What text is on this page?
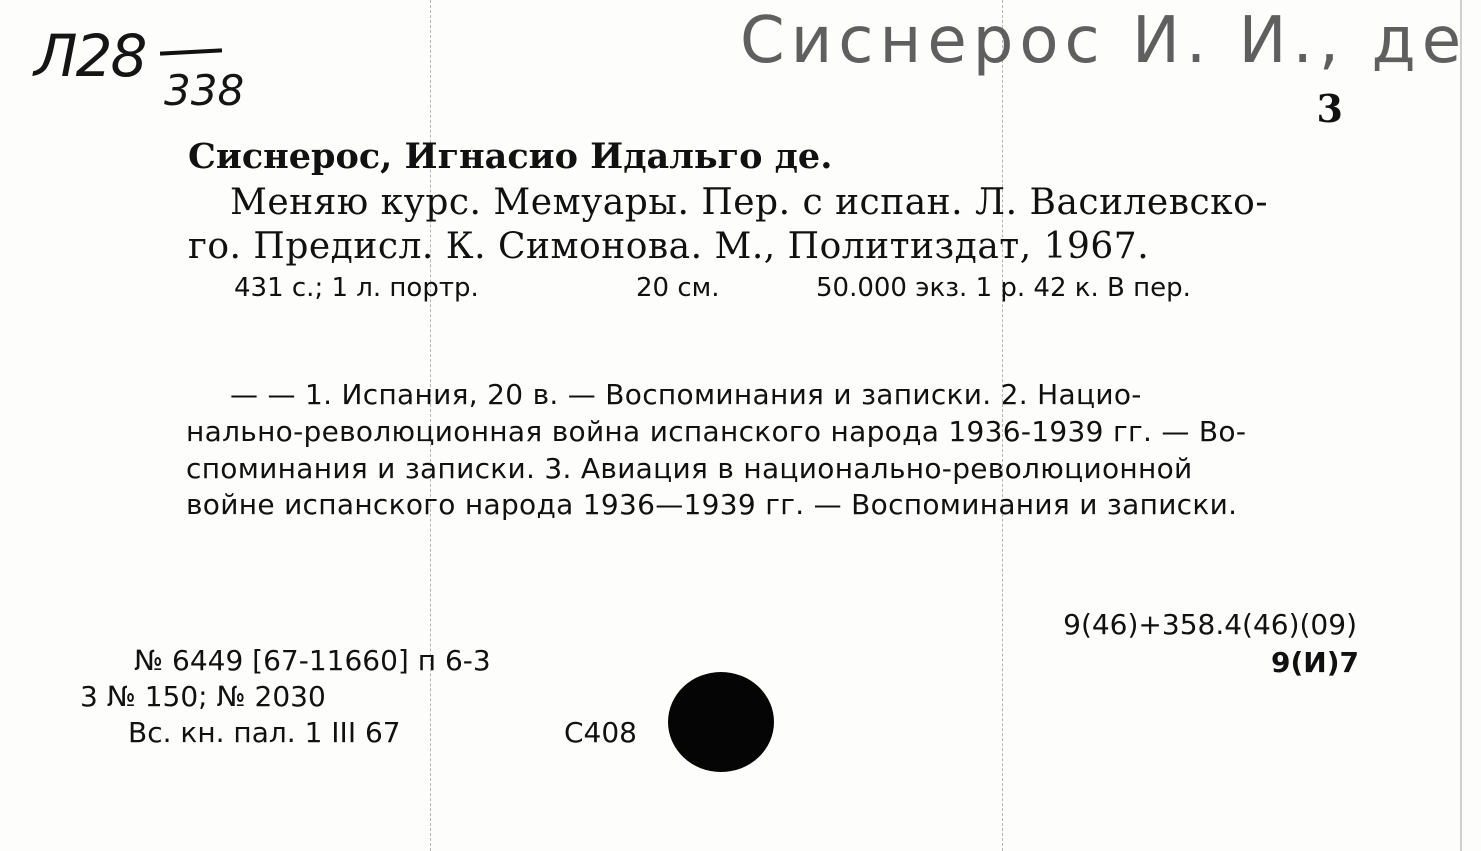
Л28
338
Сиснерос И. И., де
3
Сиснерос, Игнасио Идальго де.
Меняю курс. Мемуары. Пер. с испан. Л. Василевско-
го. Предисл. К. Симонова. М., Политиздат, 1967.
431 с.; 1 л. портр.	20 см.	50.000 экз. 1 р. 42 к. В пер.
— — 1. Испания, 20 в. — Воспоминания и записки. 2. Нацио-
нально-революционная война испанского народа 1936-1939 гг. — Во-
споминания и записки. 3. Авиация в национально-революционной
войне испанского народа 1936—1939 гг. — Воспоминания и записки.
9(46)+358.4(46)(09)
9(И)7
№ 6449 [67-11660] п 6-3
3 № 150; № 2030
Вс. кн. пал. 1 III 67	С408
